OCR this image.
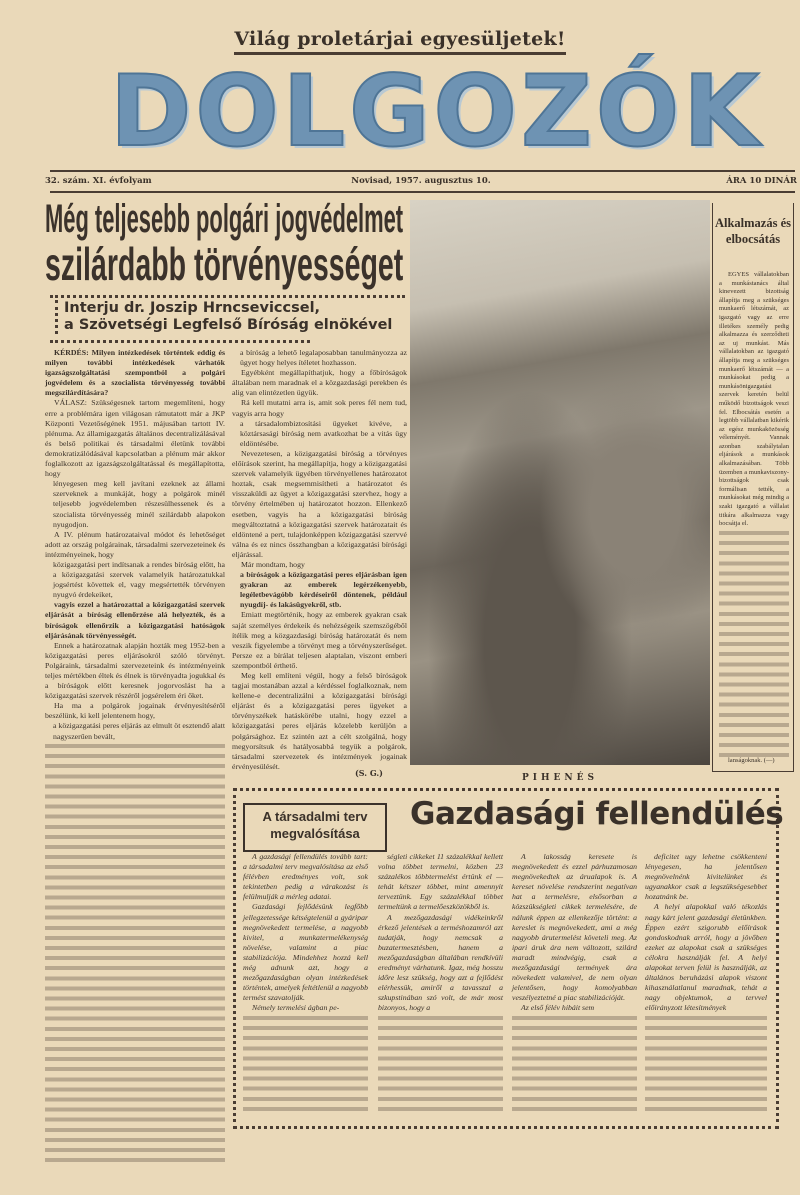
Világ proletárjai egyesüljetek!
DOLGOZÓK
32. szám. XI. évfolyam	Novisad, 1957. augusztus 10.	ÁRA 10 DINÁR
Még teljesebb polgári jogvédelmet
szilárdabb törvényességet
Interju dr. Joszip Hrncseviccsel,
a Szövetségi Legfelső Bíróság elnökével

KÉRDÉS: Milyen intézkedések történtek eddig és milyen további intézkedések várhatók igazságszolgáltatási szempontból a polgári jogvédelem és a szocialista törvényesség további megszilárdítására?

VÁLASZ: Szükségesnek tartom megemlíteni, hogy erre a problémára igen világosan rámutatott már a JKP Központi Vezetőségének 1951. májusában tartott IV. plénuma. Az államigazgatás általános decentralizálásával és belső politikai és társadalmi életünk további demokratizálódásával kapcsolatban a plénum már akkor foglalkozott az igazságszolgáltatással és megállapította, hogy

lényegesen meg kell javítani ezeknek az állami szerveknek a munkáját, hogy a polgárok minél teljesebb jogvédelemben részesülhessenek és a szocialista törvényesség minél szilárdabb alapokon nyugodjon.

A IV. plénum határozataival módot és lehetőséget adott az ország polgárainak, társadalmi szervezeteinek és intézményeinek, hogy

közigazgatási pert indítsanak a rendes bíróság előtt, ha a közigazgatási szervek valamelyik határozatukkal jogsértést követtek el, vagy megsértették törvényen nyugvó érdekeiket,

vagyis ezzel a határozattal a közigazgatási szervek eljárását a bíróság ellenőrzése alá helyezték, és a bíróságok ellenőrzik a közigazgatási hatóságok eljárásának törvényességét.

Ennek a határozatnak alapján hozták meg 1952-ben a közigazgatási peres eljárásokról szóló törvényt. Polgáraink, társadalmi szervezeteink és intézményeink teljes mértékben éltek és élnek is törvényadta jogukkal és a bíróságok előtt keresnek jogorvoslást ha a közigazgatási szervek részéről jogsérelem éri őket.

Ha ma a polgárok jogainak érvényesítéséről beszélünk, ki kell jelentenem hogy,

a közigazgatási peres eljárás az elmult öt esztendő alatt nagyszerűen bevált,

a bíróság a lehető legalaposabban tanulmányozza az ügyet hogy helyes ítéletet hozhasson.

Egyébként megállapíthatjuk, hogy a főbíróságok általában nem maradnak el a közgazdasági perekben és alig van elintézetlen ügyük.

Rá kell mutatni arra is, amit sok peres fél nem tud, vagyis arra hogy

a társadalombiztosítási ügyeket kivéve, a köztársasági bíróság nem avatkozhat be a vitás ügy eldöntésébe.

Nevezetesen, a közigazgatási bíróság a törvényes előírások szerint, ha megállapítja, hogy a közigazgatási szervek valamelyik ügyében törvényellenes határozatot hoztak, csak megsemmisítheti a határozatot és visszaküldi az ügyet a közigazgatási szervhez, hogy a törvény értelmében uj határozatot hozzon. Ellenkező esetben, vagyis ha a közigazgatási bíróság megváltoztatná a közigazgatási szervek határozatait és eldöntené a pert, tulajdonképpen közigazgatási szervvé válna és ez nincs összhangban a közigazgatási bírósági eljárással.

Már mondtam, hogy

a bíróságok a közigazgatási peres eljárásban igen gyakran az emberek legérzékenyebb, legéletbevágóbb kérdéseiről döntenek, például nyugdíj- és lakásügyekről, stb.

Emiatt megtörténik, hogy az emberek gyakran csak saját személyes érdekeik és nehézségeik szemszögéből ítélik meg a közgazdasági bíróság határozatát és nem veszik figyelembe a törvényt meg a törvényszerűséget. Persze ez a bírálat teljesen alaptalan, viszont emberi szempontból érthető.

Meg kell említeni végül, hogy a felső bíróságok tagjai mostanában azzal a kérdéssel foglalkoznak, nem kellene-e decentralizálni a közigazgatási bírósági eljárást és a közigazgatási peres ügyeket a törvényszékek hatáskörébe utalni, hogy ezzel a közigazgatási peres eljárás közelebb kerüljön a polgársághoz. Ez szintén azt a célt szolgálná, hogy megyorsítsuk és hatályosabbá tegyük a polgárok, társadalmi szervezetek és intézmények jogainak érvényesülését.

(S. G.)	PIHENÉS
Alkalmazás és elbocsátás

EGYES vállalatokban a munkástanács által kinevezett bizottság állapítja meg a szükséges munkaerő létszámát, az igazgató vagy az erre illetékes személy pedig alkalmazza és szerződteti az uj munkást. Más vállalatokban az igazgató állapítja meg a szükséges munkaerő létszámát — a munkásokat pedig a munkásönigazgatási szervek keretén belül működő bizottságok veszi fel. Elbocsátás esetén a legtöbb vállalatban kikérik az egész munkaközösség véleményét. Vannak azonban szabálytalan eljárások a munkások alkalmazásában. Több üzemben a munkaviszony-bizottságok csak formálisan tették, a munkásokat még mindig a szaki igazgató a vállalat titkára alkalmazza vagy bocsátja el.

lanságoknak. (—)

A társadalmi terv
megvalósítása
Gazdasági fellendülés

A gazdasági fellendülés tovább tart: a társadalmi terv megvalósítása az első félévben eredményes volt, sok tekintetben pedig a várakozást is felülmulják a mérleg adatai.

Gazdasági fejlődésünk legfőbb jellegzetessége kétségtelenül a gyáripar megnövekedett termelése, a nagyobb kivitel, a munkatermelékenység növelése, valamint a piac stabilizációja. Mindehhez hozzá kell még adnunk azt, hogy a mezőgazdaságban olyan intézkedések történtek, amelyek feltétlenül a nagyobb termést szavatolják.

Némely termelési ágban pe-

ségleti cikkeket 11 százalékkal kellett volna többet termelni, közben 23 százalékos többtermelést értünk el — tehát kétszer többet, mint amennyit terveztünk. Egy százalékkal többet termeltünk a termelőeszközökből is.

A mezőgazdasági vidékeinkről érkező jelentések a terméshozamról azt tudatják, hogy nemcsak a buzatermesztésben, hanem a mezőgazdaságban általában rendkívüli eredményt várhatunk. Igaz, még hosszu időre lesz szükség, hogy azt a fejlődést elérhessük, amiről a tavasszal a szkupstinában szó volt, de már most bizonyos, hogy a

A lakosság keresete is megnövekedett és ezzel párhuzamosan megnövekedtek az árualapok is. A kereset növelése rendszerint negatívan hat a termelésre, elsősorban a közszükségleti cikkek termelésére, de nálunk éppen az ellenkezője történt: a kereslet is megnövekedett, ami a még nagyobb árutermelést követeli meg. Az ipari áruk ára nem változott, szilárd maradt mindvégig, csak a mezőgazdasági termények ára növekedett valamivel, de nem olyan jelentősen, hogy komolyabban veszélyeztetné a piac stabilizációját.

Az első félév hibáit sem

deficitet ugy lehetne csökkenteni lényegesen, ha jelentősen megnövelnénk kivitelünket és ugyanakkor csak a legszükségesebbet hozatnánk be.

A helyi alapokkal való tékozlás nagy kárt jelent gazdasági életünkben. Éppen ezért szigorubb előírások gondoskodnak arról, hogy a jövőben ezeket az alapokat csak a szükséges célokra használják fel. A helyi alapokat terven felül is használják, az általános beruházási alapok viszont kihasználatlanul maradnak, tehát a nagy objektumok, a tervvel előirányzott létesítmények
